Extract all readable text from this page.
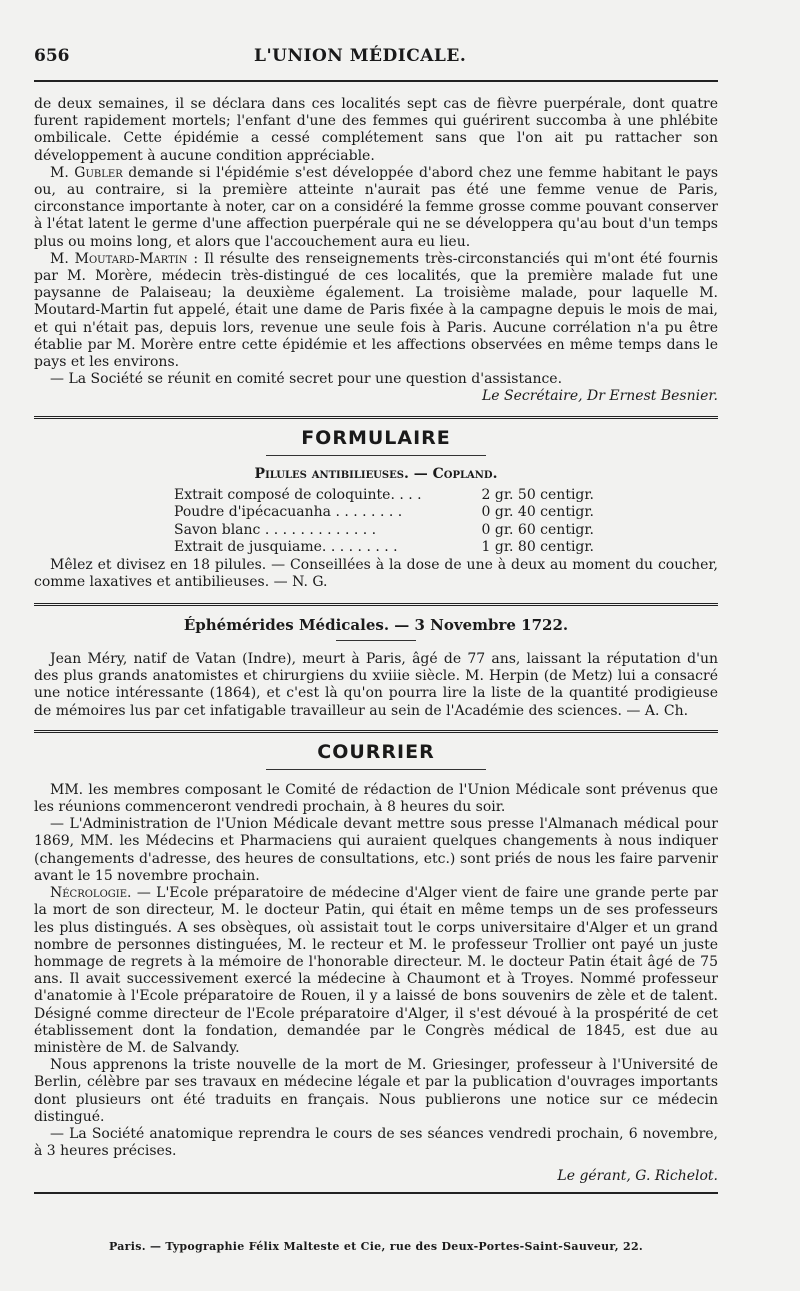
656	L'UNION MÉDICALE.

de deux semaines, il se déclara dans ces localités sept cas de fièvre puerpérale, dont quatre furent rapidement mortels; l'enfant d'une des femmes qui guérirent succomba à une phlébite ombilicale. Cette épidémie a cessé complétement sans que l'on ait pu rattacher son développement à aucune condition appréciable.

M. Gubler demande si l'épidémie s'est développée d'abord chez une femme habitant le pays ou, au contraire, si la première atteinte n'aurait pas été une femme venue de Paris, circonstance importante à noter, car on a considéré la femme grosse comme pouvant conserver à l'état latent le germe d'une affection puerpérale qui ne se développera qu'au bout d'un temps plus ou moins long, et alors que l'accouchement aura eu lieu.

M. Moutard-Martin : Il résulte des renseignements très-circonstanciés qui m'ont été fournis par M. Morère, médecin très-distingué de ces localités, que la première malade fut une paysanne de Palaiseau; la deuxième également. La troisième malade, pour laquelle M. Moutard-Martin fut appelé, était une dame de Paris fixée à la campagne depuis le mois de mai, et qui n'était pas, depuis lors, revenue une seule fois à Paris. Aucune corrélation n'a pu être établie par M. Morère entre cette épidémie et les affections observées en même temps dans le pays et les environs.

— La Société se réunit en comité secret pour une question d'assistance.

Le Secrétaire, Dr Ernest Besnier.

FORMULAIRE
Pilules antibilieuses. — Copland.
Extrait composé de coloquinte. . . .	2 gr. 50 centigr.
Poudre d'ipécacuanha . . . . . . . .	0 gr. 40 centigr.
Savon blanc . . . . . . . . . . . . .	0 gr. 60 centigr.
Extrait de jusquiame. . . . . . . . .	1 gr. 80 centigr.

Mêlez et divisez en 18 pilules. — Conseillées à la dose de une à deux au moment du coucher, comme laxatives et antibilieuses. — N. G.

Éphémérides Médicales. — 3 Novembre 1722.

Jean Méry, natif de Vatan (Indre), meurt à Paris, âgé de 77 ans, laissant la réputation d'un des plus grands anatomistes et chirurgiens du xviiie siècle. M. Herpin (de Metz) lui a consacré une notice intéressante (1864), et c'est là qu'on pourra lire la liste de la quantité prodigieuse de mémoires lus par cet infatigable travailleur au sein de l'Académie des sciences. — A. Ch.

COURRIER

MM. les membres composant le Comité de rédaction de l'Union Médicale sont prévenus que les réunions commenceront vendredi prochain, à 8 heures du soir.

— L'Administration de l'Union Médicale devant mettre sous presse l'Almanach médical pour 1869, MM. les Médecins et Pharmaciens qui auraient quelques changements à nous indiquer (changements d'adresse, des heures de consultations, etc.) sont priés de nous les faire parvenir avant le 15 novembre prochain.

Nécrologie. — L'Ecole préparatoire de médecine d'Alger vient de faire une grande perte par la mort de son directeur, M. le docteur Patin, qui était en même temps un de ses professeurs les plus distingués. A ses obsèques, où assistait tout le corps universitaire d'Alger et un grand nombre de personnes distinguées, M. le recteur et M. le professeur Trollier ont payé un juste hommage de regrets à la mémoire de l'honorable directeur. M. le docteur Patin était âgé de 75 ans. Il avait successivement exercé la médecine à Chaumont et à Troyes. Nommé professeur d'anatomie à l'Ecole préparatoire de Rouen, il y a laissé de bons souvenirs de zèle et de talent. Désigné comme directeur de l'Ecole préparatoire d'Alger, il s'est dévoué à la prospérité de cet établissement dont la fondation, demandée par le Congrès médical de 1845, est due au ministère de M. de Salvandy.

Nous apprenons la triste nouvelle de la mort de M. Griesinger, professeur à l'Université de Berlin, célèbre par ses travaux en médecine légale et par la publication d'ouvrages importants dont plusieurs ont été traduits en français. Nous publierons une notice sur ce médecin distingué.

— La Société anatomique reprendra le cours de ses séances vendredi prochain, 6 novembre, à 3 heures précises.

Le gérant, G. Richelot.

Paris. — Typographie Félix Malteste et Cie, rue des Deux-Portes-Saint-Sauveur, 22.
